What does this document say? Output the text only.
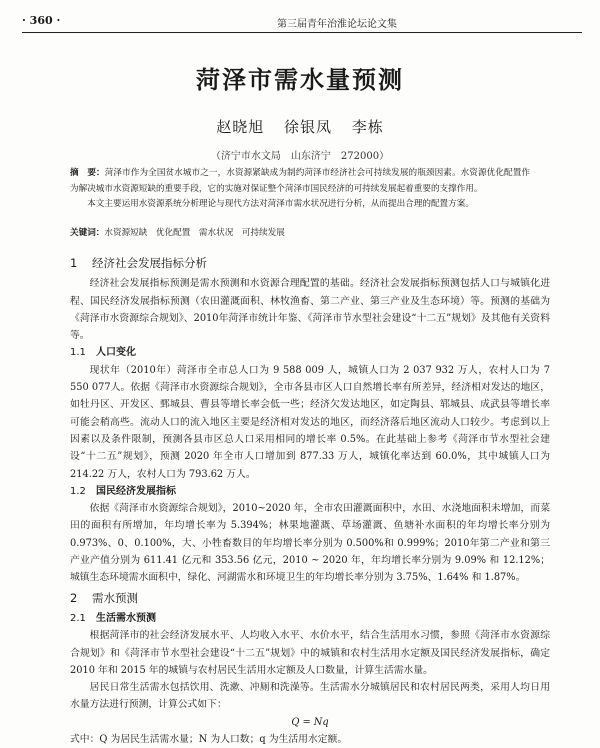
· 360 ·	第三届青年治淮论坛论文集
菏泽市需水量预测
赵晓旭 徐银凤 李栋
（济宁市水文局　山东济宁　272000）

摘　要：菏泽市作为全国贫水城市之一，水资源紧缺成为制约菏泽市经济社会可持续发展的瓶颈因素。水资源优化配置作为解决城市水资源短缺的重要手段，它的实施对保证整个菏泽市国民经济的可持续发展起着重要的支撑作用。

本文主要运用水资源系统分析理论与现代方法对菏泽市需水状况进行分析，从而提出合理的配置方案。

关键词：水资源短缺　优化配置　需水状况　可持续发展
1 经济社会发展指标分析

经济社会发展指标预测是需水预测和水资源合理配置的基础。经济社会发展指标预测包括人口与城镇化进程、国民经济发展指标预测（农田灌溉面积、林牧渔畜、第二产业、第三产业及生态环境）等。预测的基础为《菏泽市水资源综合规划》、2010年菏泽市统计年鉴、《菏泽市节水型社会建设“十二五”规划》及其他有关资料等。

1.1 人口变化

现状年（2010年）菏泽市全市总人口为 9 588 009 人，城镇人口为 2 037 932 万人，农村人口为 7 550 077人。依据《菏泽市水资源综合规划》，全市各县市区人口自然增长率有所差异，经济相对发达的地区，如牡丹区、开发区、鄄城县、曹县等增长率会低一些；经济欠发达地区，如定陶县、郓城县、成武县等增长率可能会稍高些。流动人口的流入地区主要是经济相对发达的地区，而经济落后地区流动人口较少。考虑到以上因素以及条件限制，预测各县市区总人口采用相同的增长率 0.5%。在此基础上参考《菏泽市节水型社会建设“十二五”规划》，预测 2020 年全市人口增加到 877.33 万人，城镇化率达到 60.0%，其中城镇人口为 214.22 万人，农村人口为 793.62 万人。

1.2 国民经济发展指标

依据《菏泽市水资源综合规划》，2010~2020 年，全市农田灌溉面积中，水田、水浇地面积未增加，而菜田的面积有所增加，年均增长率为 5.394%；林果地灌溉、草场灌溉、鱼塘补水面积的年均增长率分别为 0.973%、0、0.100%，大、小牲畜数目的年均增长率分别为 0.500%和 0.999%；2010年第二产业和第三产业产值分别为 611.41 亿元和 353.56 亿元，2010 ~ 2020 年，年均增长率分别为 9.09% 和 12.12%；城镇生态环境需水面积中，绿化、河湖需水和环境卫生的年均增长率分别为 3.75%、1.64% 和 1.87%。

2 需水预测
2.1 生活需水预测

根据菏泽市的社会经济发展水平、人均收入水平、水价水平，结合生活用水习惯，参照《菏泽市水资源综合规划》和《菏泽市节水型社会建设“十二五”规划》中的城镇和农村生活用水定额及国民经济发展指标，确定 2010 年和 2015 年的城镇与农村居民生活用水定额及人口数量，计算生活需水量。

居民日常生活需水包括饮用、洗漱、冲厕和洗澡等。生活需水分城镇居民和农村居民两类，采用人均日用水量方法进行预测，计算公式如下：

Q = Nq

式中：Q 为居民生活需水量；N 为人口数；q 为生活用水定额。
